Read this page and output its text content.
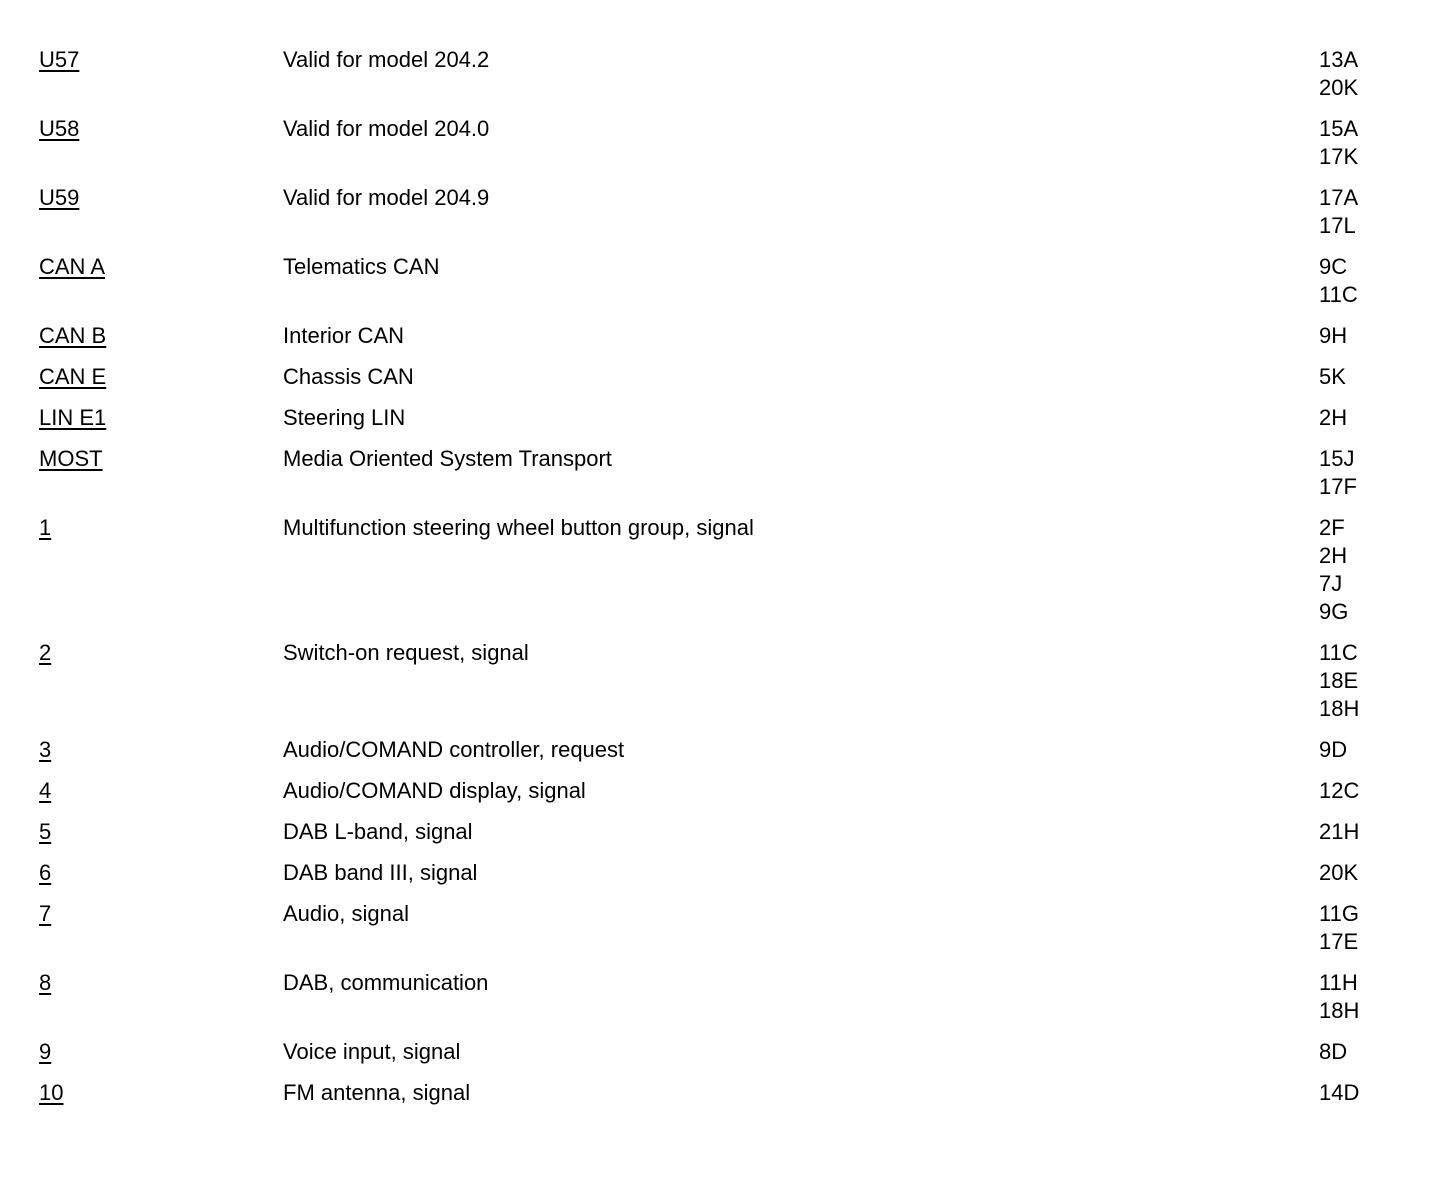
U57	Valid for model 204.2	13A
20K
U58	Valid for model 204.0	15A
17K
U59	Valid for model 204.9	17A
17L
CAN A	Telematics CAN	9C
11C
CAN B	Interior CAN	9H
CAN E	Chassis CAN	5K
LIN E1	Steering LIN	2H
MOST	Media Oriented System Transport	15J
17F
1	Multifunction steering wheel button group, signal	2F
2H
7J
9G
2	Switch-on request, signal	11C
18E
18H
3	Audio/COMAND controller, request	9D
4	Audio/COMAND display, signal	12C
5	DAB L-band, signal	21H
6	DAB band III, signal	20K
7	Audio, signal	11G
17E
8	DAB, communication	11H
18H
9	Voice input, signal	8D
10	FM antenna, signal	14D
